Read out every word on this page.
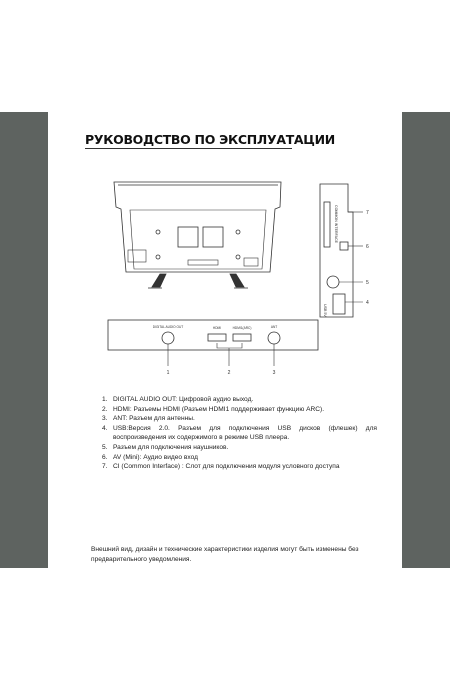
РУКОВОДСТВО ПО ЭКСПЛУАТАЦИИ
COMMON INTERFACE
USB 5V
7
6
5
4
DIGITAL AUDIO OUT	HDMI	HDMI1(ARC)	ANT
1	2	3
1. DIGITAL AUDIO OUT: Цифровой аудио выход.
2. HDMI: Разъемы HDMI (Разъем HDMI1 поддерживает функцию ARC).
3. ANT: Разъем для антенны.
4. USB:Версия 2.0. Разъем для подключения USB дисков (флешек) для воспроизведения их содержимого в режиме USB плеера.
5. Разъем для подключения наушников.
6. AV (Mini): Аудио видео вход
7. CI (Common Interface) : Слот для подключения модуля условного доступа
Внешний вид, дизайн и технические характеристики изделия могут быть изменены без предварительного уведомления.
